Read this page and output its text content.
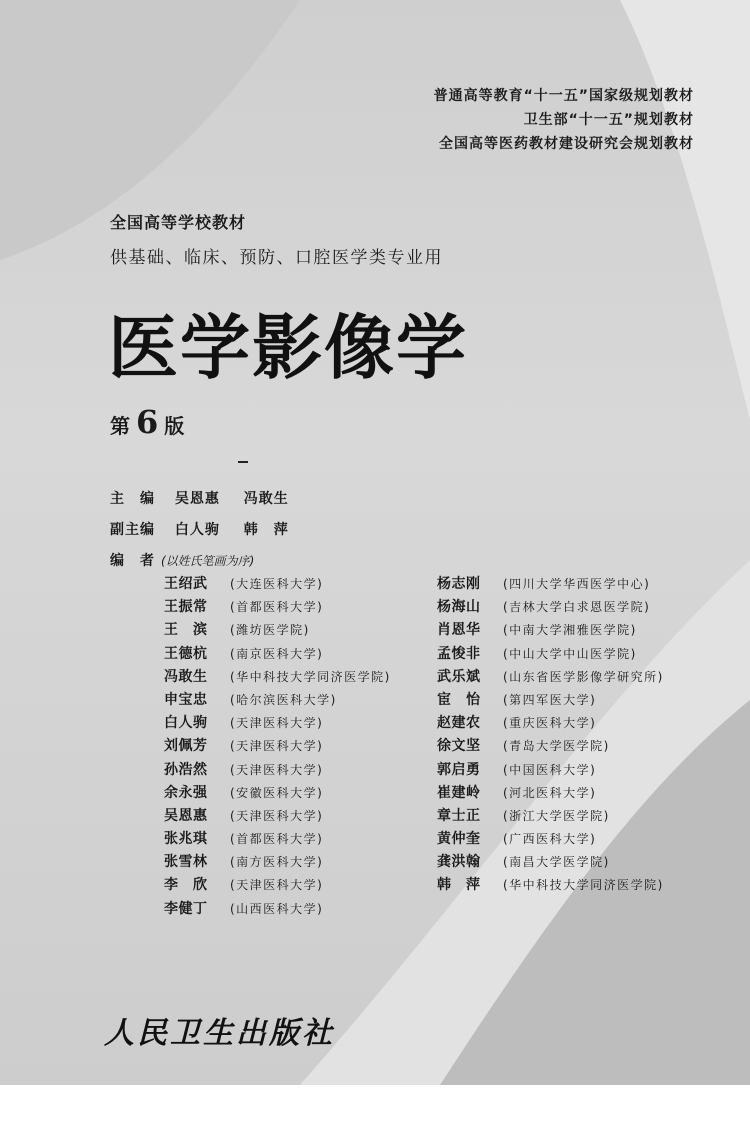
普通高等教育“十一五”国家级规划教材
卫生部“十一五”规划教材
全国高等医药教材建设研究会规划教材
全国高等学校教材
供基础、临床、预防、口腔医学类专业用
医学影像学
第 6 版
主　编 吴恩惠 冯敢生
副主编 白人驹 韩　萍
编　者 (以姓氏笔画为序)
王绍武	(大连医科大学)
王振常	(首都医科大学)
王　滨	(潍坊医学院)
王德杭	(南京医科大学)
冯敢生	(华中科技大学同济医学院)
申宝忠	(哈尔滨医科大学)
白人驹	(天津医科大学)
刘佩芳	(天津医科大学)
孙浩然	(天津医科大学)
余永强	(安徽医科大学)
吴恩惠	(天津医科大学)
张兆琪	(首都医科大学)
张雪林	(南方医科大学)
李　欣	(天津医科大学)
李健丁	(山西医科大学)
杨志刚	(四川大学华西医学中心)
杨海山	(吉林大学白求恩医学院)
肖恩华	(中南大学湘雅医学院)
孟悛非	(中山大学中山医学院)
武乐斌	(山东省医学影像学研究所)
宦　怡	(第四军医大学)
赵建农	(重庆医科大学)
徐文坚	(青岛大学医学院)
郭启勇	(中国医科大学)
崔建岭	(河北医科大学)
章士正	(浙江大学医学院)
黄仲奎	(广西医科大学)
龚洪翰	(南昌大学医学院)
韩　萍	(华中科技大学同济医学院)
人民卫生出版社
